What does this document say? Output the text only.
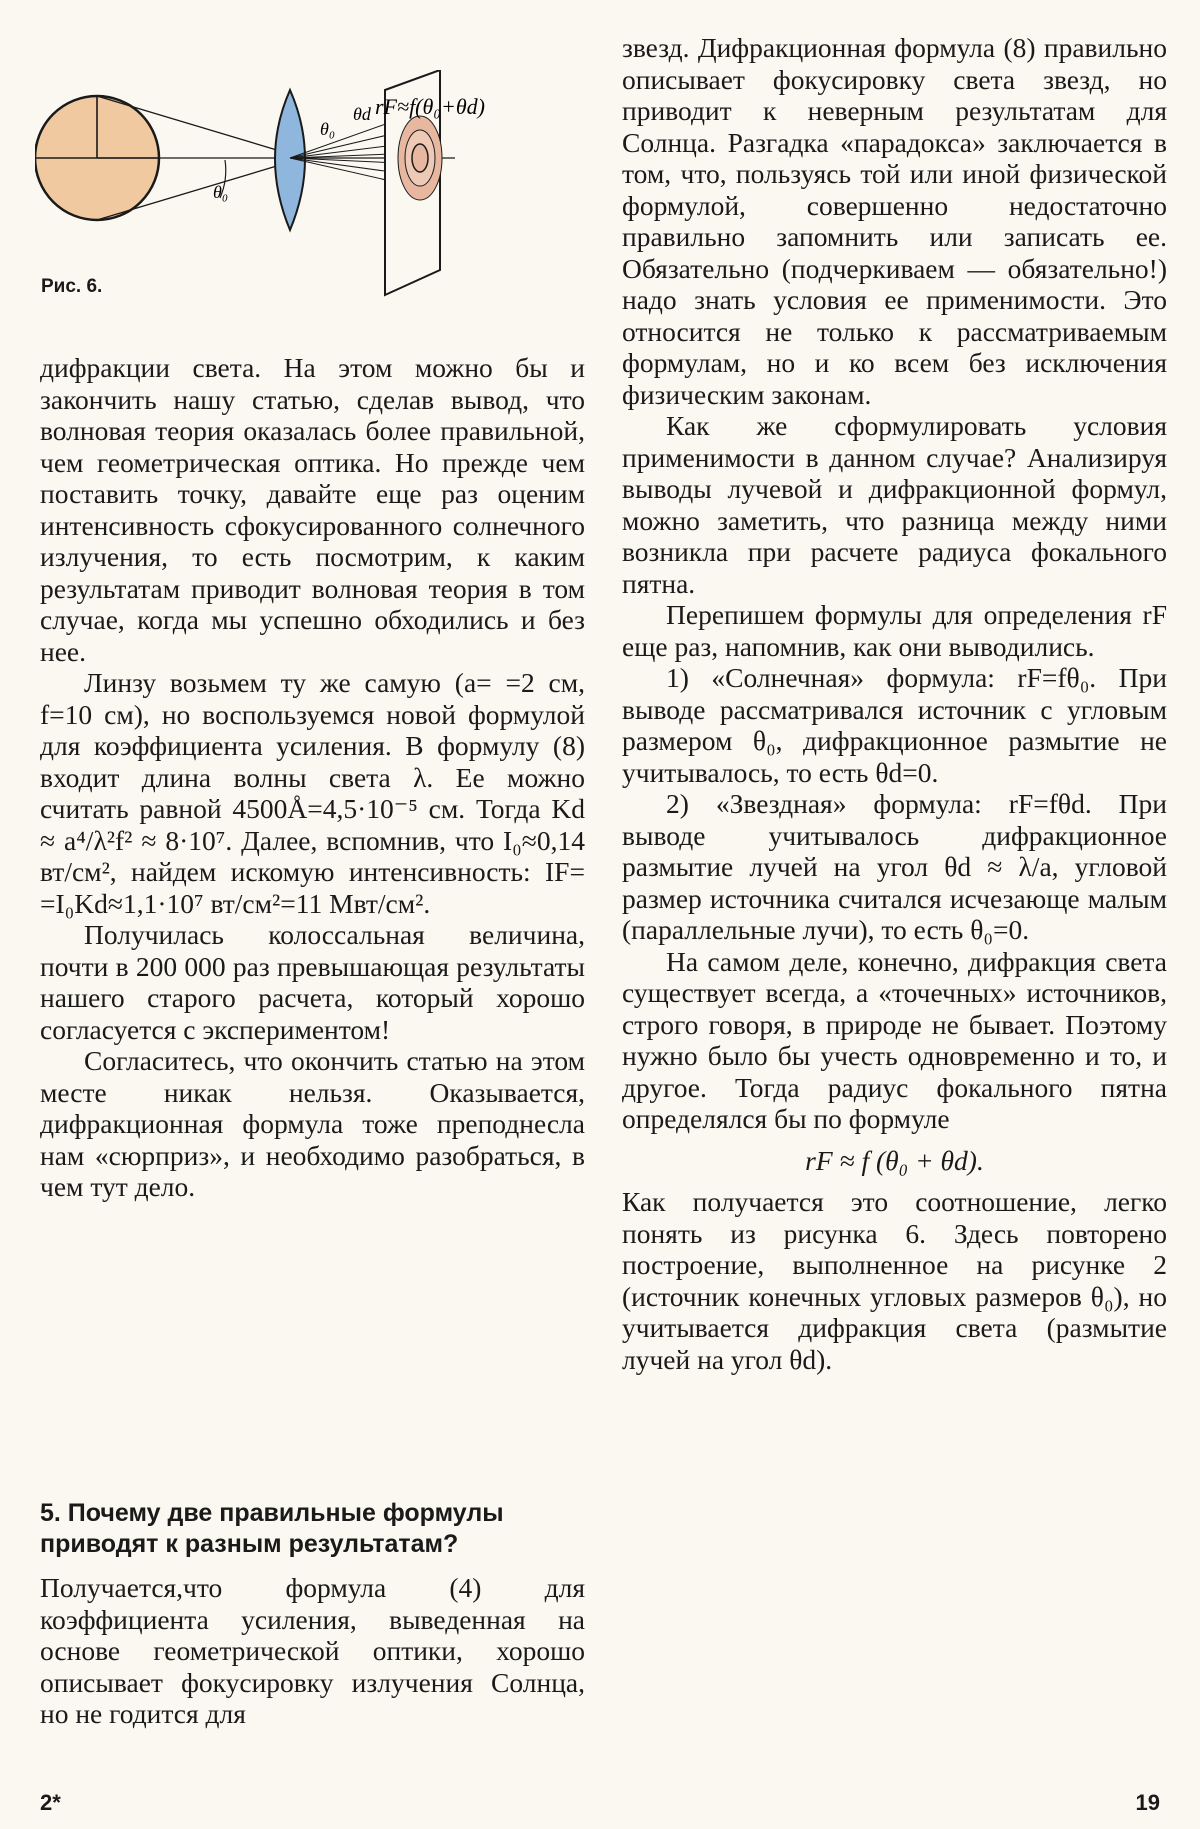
θ₀
θ₀
θd rF≈f(θ₀+θd)
Рис. 6.

дифракции света. На этом можно бы и закончить нашу статью, сделав вывод, что волновая теория оказалась более правильной, чем геометрическая оптика. Но прежде чем поставить точку, давайте еще раз оценим интенсивность сфокусированного солнечного излучения, то есть посмотрим, к каким результатам приводит волновая теория в том случае, когда мы успешно обходились и без нее.

Линзу возьмем ту же самую (a= =2 см, f=10 см), но воспользуемся новой формулой для коэффициента усиления. В формулу (8) входит длина волны света λ. Ее можно считать равной 4500Å=4,5·10⁻⁵ см. Тогда Kd ≈ a⁴/λ²f² ≈ 8·10⁷. Далее, вспомнив, что I₀≈0,14 вт/см², найдем искомую интенсивность: IF= =I₀Kd≈1,1·10⁷ вт/см²=11 Мвт/см².

Получилась колоссальная величина, почти в 200 000 раз превышающая результаты нашего старого расчета, который хорошо согласуется с экспериментом!

Согласитесь, что окончить статью на этом месте никак нельзя. Оказывается, дифракционная формула тоже преподнесла нам «сюрприз», и необходимо разобраться, в чем тут дело.

5. Почему две правильные формулы приводят к разным результатам?

Получается,что формула (4) для коэффициента усиления, выведенная на основе геометрической оптики, хорошо описывает фокусировку излучения Солнца, но не годится для

звезд. Дифракционная формула (8) правильно описывает фокусировку света звезд, но приводит к неверным результатам для Солнца. Разгадка «парадокса» заключается в том, что, пользуясь той или иной физической формулой, совершенно недостаточно правильно запомнить или записать ее. Обязательно (подчеркиваем — обязательно!) надо знать условия ее применимости. Это относится не только к рассматриваемым формулам, но и ко всем без исключения физическим законам.

Как же сформулировать условия применимости в данном случае? Анализируя выводы лучевой и дифракционной формул, можно заметить, что разница между ними возникла при расчете радиуса фокального пятна.

Перепишем формулы для определения rF еще раз, напомнив, как они выводились.

1) «Солнечная» формула: rF=fθ₀. При выводе рассматривался источник с угловым размером θ₀, дифракционное размытие не учитывалось, то есть θd=0.

2) «Звездная» формула: rF=fθd. При выводе учитывалось дифракционное размытие лучей на угол θd ≈ λ/a, угловой размер источника считался исчезающе малым (параллельные лучи), то есть θ₀=0.

На самом деле, конечно, дифракция света существует всегда, а «точечных» источников, строго говоря, в природе не бывает. Поэтому нужно было бы учесть одновременно и то, и другое. Тогда радиус фокального пятна определялся бы по формуле

rF ≈ f (θ₀ + θd).

Как получается это соотношение, легко понять из рисунка 6. Здесь повторено построение, выполненное на рисунке 2 (источник конечных угловых размеров θ₀), но учитывается дифракция света (размытие лучей на угол θd).

2*	19
